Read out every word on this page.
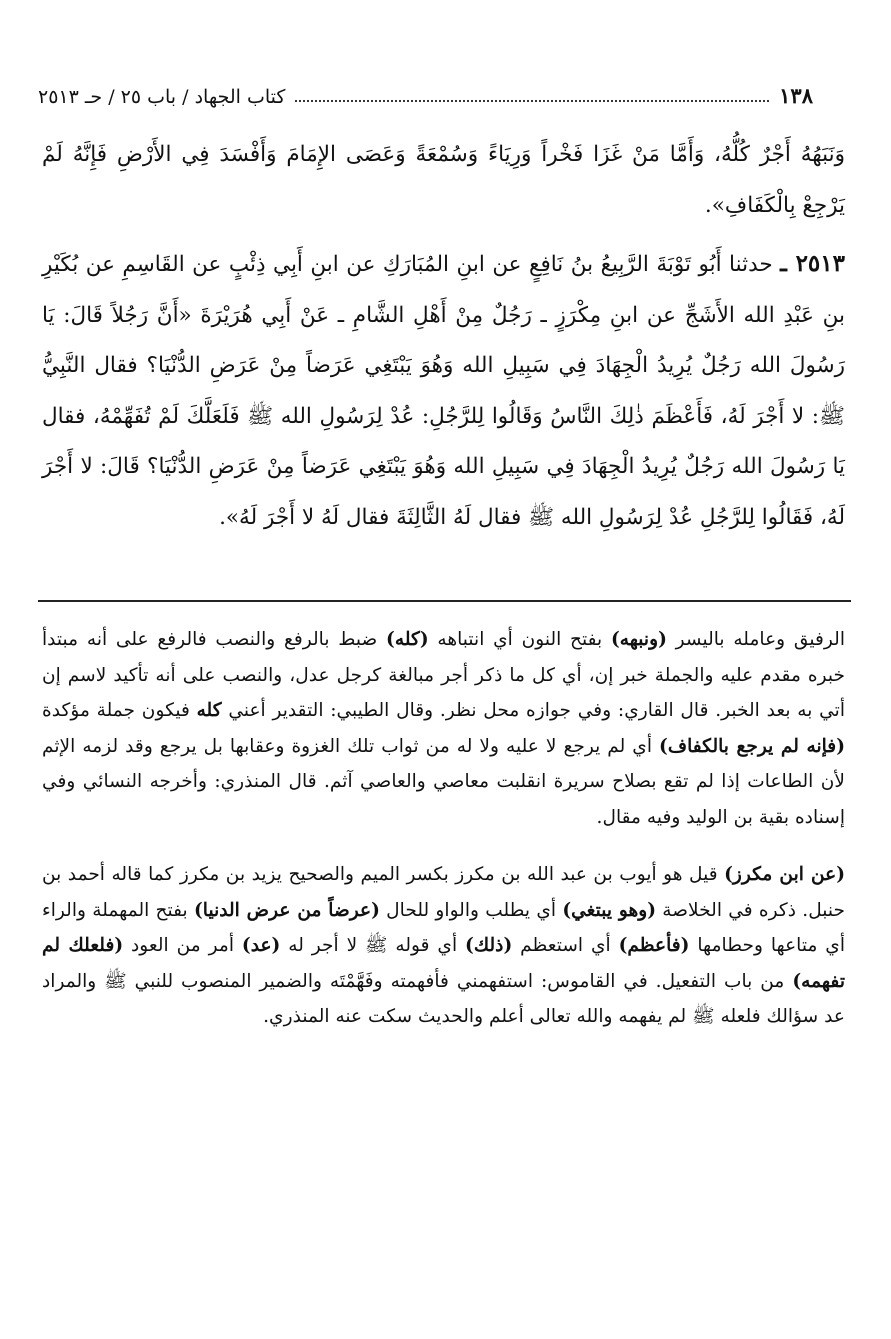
١٣٨
كتاب الجهاد / باب ٢٥ / حـ ٢٥١٣

وَنَبَهُهُ أَجْرٌ كُلُّهُ، وَأَمَّا مَنْ غَزَا فَخْراً وَرِيَاءً وَسُمْعَةً وَعَصَى الإِمَامَ وَأَفْسَدَ فِي الأَرْضِ فَإِنَّهُ لَمْ يَرْجِعْ بِالْكَفَافِ».

٢٥١٣ ـ حدثنا أَبُو تَوْبَةَ الرَّبِيعُ بنُ نَافِعٍ عن ابنِ المُبَارَكِ عن ابنِ أَبِي ذِئْبٍ عن القَاسِمِ عن بُكَيْرِ بنِ عَبْدِ الله الأَشَجِّ عن ابنِ مِكْرَزٍ ـ رَجُلٌ مِنْ أَهْلِ الشَّامِ ـ عَنْ أَبِي هُرَيْرَةَ «أَنَّ رَجُلاً قَالَ: يَا رَسُولَ الله رَجُلٌ يُرِيدُ الْجِهَادَ فِي سَبِيلِ الله وَهُوَ يَبْتَغِي عَرَضاً مِنْ عَرَضِ الدُّنْيَا؟ فقال النَّبِيُّ ﷺ: لا أَجْرَ لَهُ، فَأَعْظَمَ ذٰلِكَ النَّاسُ وَقَالُوا لِلرَّجُلِ: عُدْ لِرَسُولِ الله ﷺ فَلَعَلَّكَ لَمْ تُفَهِّمْهُ، فقال يَا رَسُولَ الله رَجُلٌ يُرِيدُ الْجِهَادَ فِي سَبِيلِ الله وَهُوَ يَبْتَغِي عَرَضاً مِنْ عَرَضِ الدُّنْيَا؟ قَالَ: لا أَجْرَ لَهُ، فَقَالُوا لِلرَّجُلِ عُدْ لِرَسُولِ الله ﷺ فقال لَهُ الثَّالِثَةَ فقال لَهُ لا أَجْرَ لَهُ».

الرفيق وعامله باليسر (ونبهه) بفتح النون أي انتباهه (كله) ضبط بالرفع والنصب فالرفع على أنه مبتدأ خبره مقدم عليه والجملة خبر إن، أي كل ما ذكر أجر مبالغة كرجل عدل، والنصب على أنه تأكيد لاسم إن أتي به بعد الخبر. قال القاري: وفي جوازه محل نظر. وقال الطيبي: التقدير أعني كله فيكون جملة مؤكدة (فإنه لم يرجع بالكفاف) أي لم يرجع لا عليه ولا له من ثواب تلك الغزوة وعقابها بل يرجع وقد لزمه الإثم لأن الطاعات إذا لم تقع بصلاح سريرة انقلبت معاصي والعاصي آثم. قال المنذري: وأخرجه النسائي وفي إسناده بقية بن الوليد وفيه مقال.

(عن ابن مكرز) قيل هو أيوب بن عبد الله بن مكرز بكسر الميم والصحيح يزيد بن مكرز كما قاله أحمد بن حنبل. ذكره في الخلاصة (وهو يبتغي) أي يطلب والواو للحال (عرضاً من عرض الدنيا) بفتح المهملة والراء أي متاعها وحطامها (فأعظم) أي استعظم (ذلك) أي قوله ﷺ لا أجر له (عد) أمر من العود (فلعلك لم تفهمه) من باب التفعيل. في القاموس: استفهمني فأفهمته وفَهَّمْتَه والضمير المنصوب للنبي ﷺ والمراد عد سؤالك فلعله ﷺ لم يفهمه والله تعالى أعلم والحديث سكت عنه المنذري.
